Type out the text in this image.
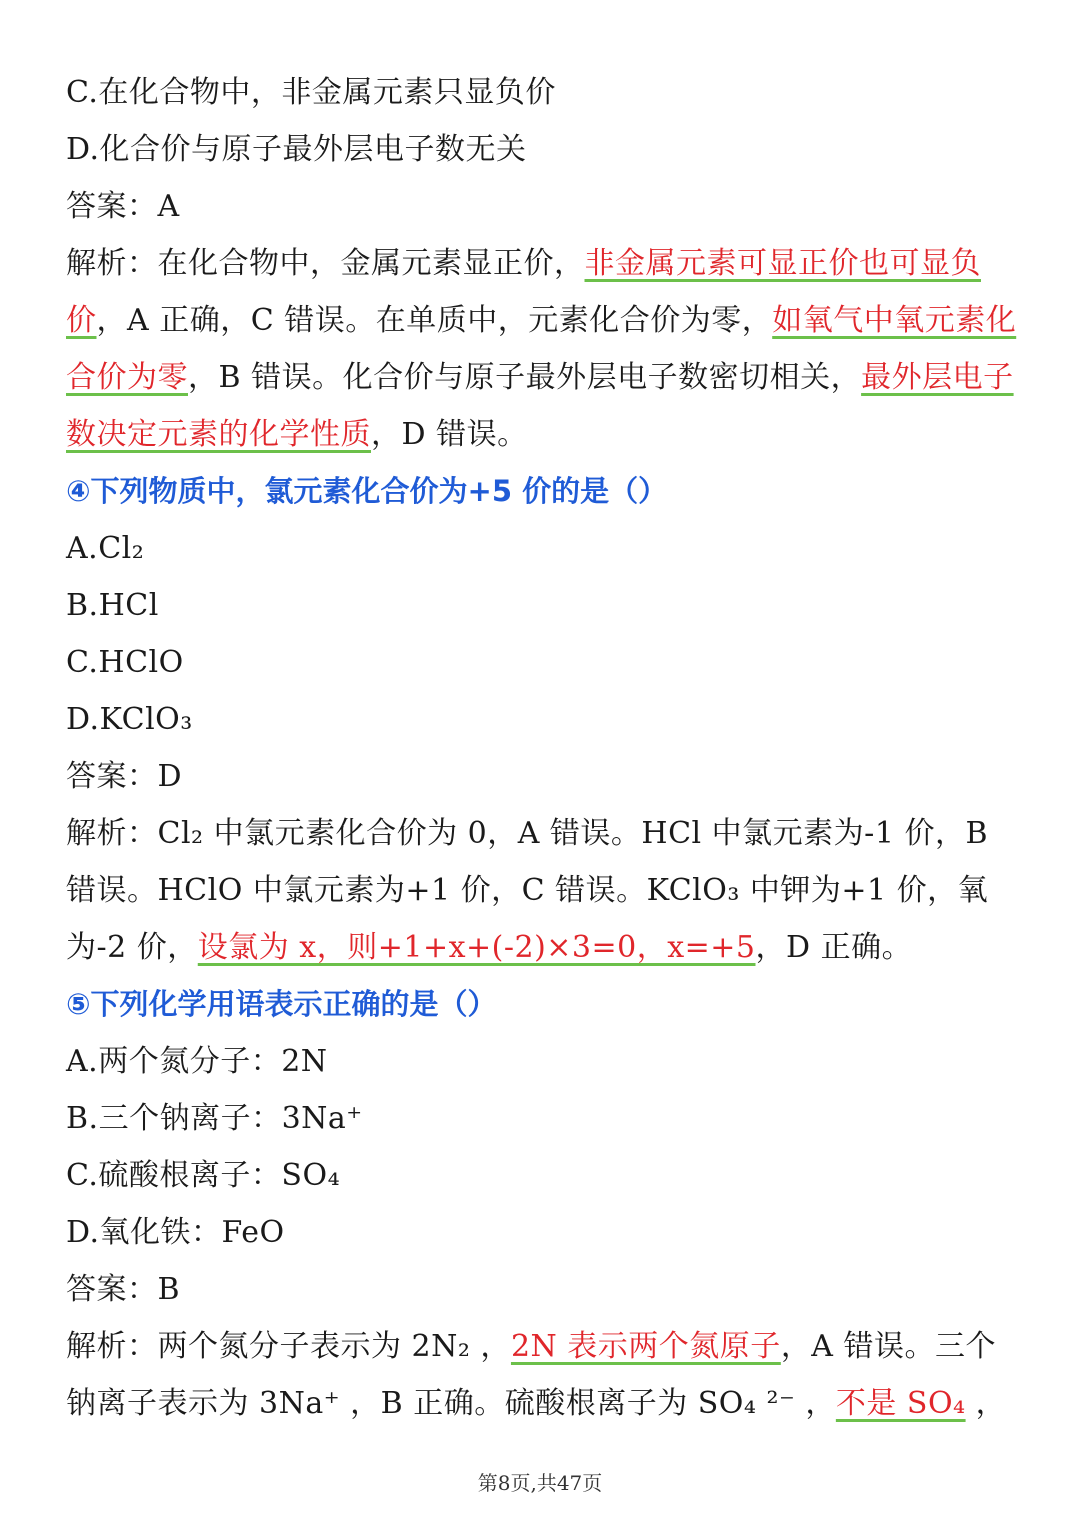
C.在化合物中，非金属元素只显负价
D.化合价与原子最外层电子数无关
答案：A
解析：在化合物中，金属元素显正价，非金属元素可显正价也可显负价，A 正确，C 错误。在单质中，元素化合价为零，如氧气中氧元素化合价为零，B 错误。化合价与原子最外层电子数密切相关，最外层电子数决定元素的化学性质，D 错误。
④下列物质中，氯元素化合价为+5 价的是（）
A.Cl₂
B.HCl
C.HClO
D.KClO₃
答案：D
解析：Cl₂ 中氯元素化合价为 0，A 错误。HCl 中氯元素为-1 价，B 错误。HClO 中氯元素为+1 价，C 错误。KClO₃ 中钾为+1 价，氧为-2 价，设氯为 x，则+1+x+(-2)×3=0，x=+5，D 正确。
⑤下列化学用语表示正确的是（）
A.两个氮分子：2N
B.三个钠离子：3Na⁺
C.硫酸根离子：SO₄
D.氧化铁：FeO
答案：B
解析：两个氮分子表示为 2N₂ ，2N 表示两个氮原子，A 错误。三个钠离子表示为 3Na⁺ ，B 正确。硫酸根离子为 SO₄ ²⁻ ，不是 SO₄ ，
第8页,共47页
